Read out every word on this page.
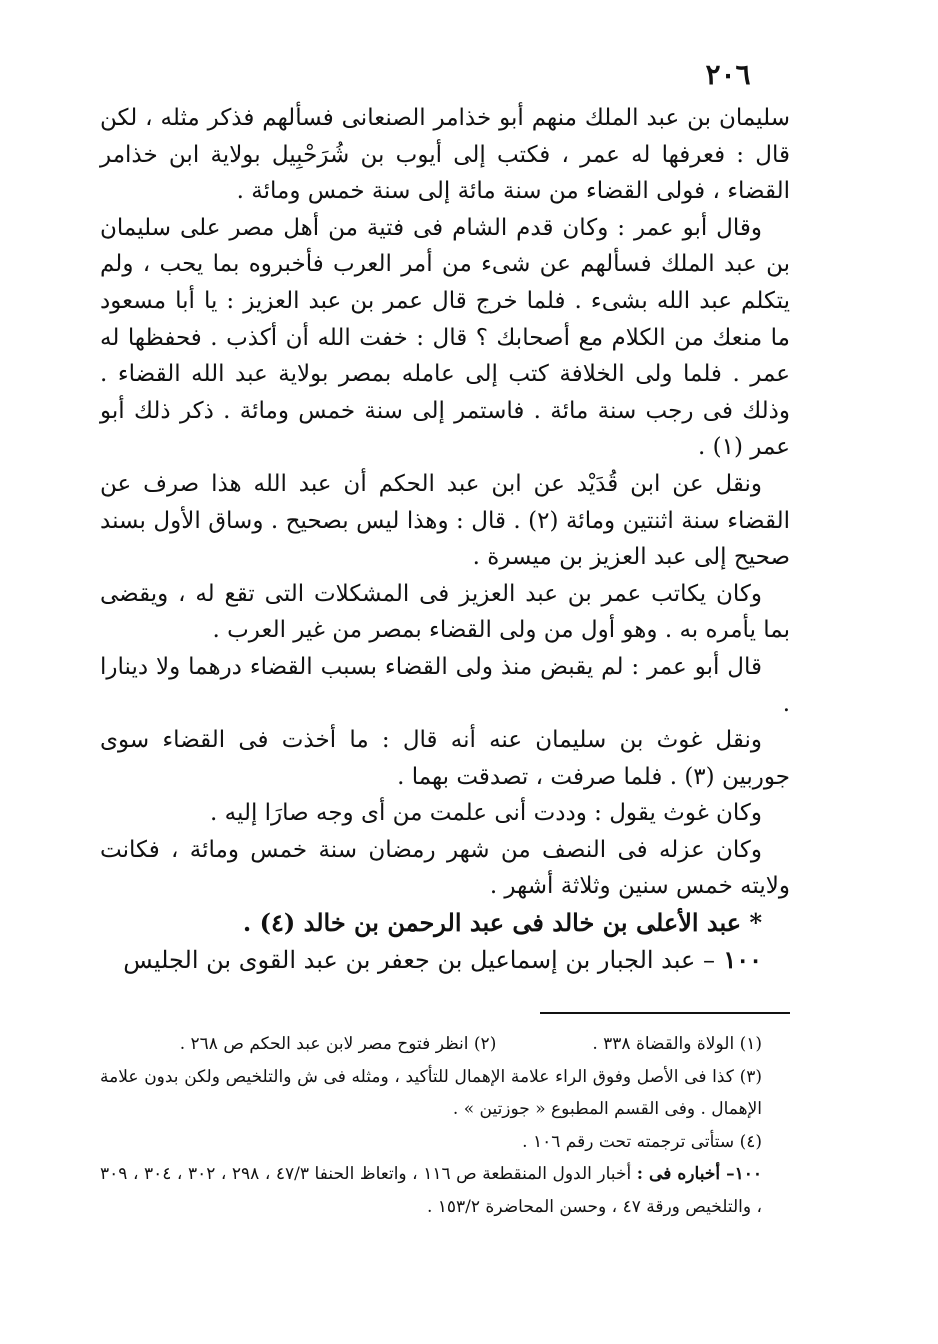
٢٠٦

سليمان بن عبد الملك منهم أبو خذامر الصنعانى فسألهم فذكر مثله ، لكن قال : فعرفها له عمر ، فكتب إلى أيوب بن شُرَحْبِيل بولاية ابن خذامر القضاء ، فولى القضاء من سنة مائة إلى سنة خمس ومائة .

وقال أبو عمر : وكان قدم الشام فى فتية من أهل مصر على سليمان بن عبد الملك فسألهم عن شىء من أمر العرب فأخبروه بما يحب ، ولم يتكلم عبد الله بشىء . فلما خرج قال عمر بن عبد العزيز : يا أبا مسعود ما منعك من الكلام مع أصحابك ؟ قال : خفت الله أن أكذب . فحفظها له عمر . فلما ولى الخلافة كتب إلى عامله بمصر بولاية عبد الله القضاء . وذلك فى رجب سنة مائة . فاستمر إلى سنة خمس ومائة . ذكر ذلك أبو عمر (١) .

ونقل عن ابن قُدَيْد عن ابن عبد الحكم أن عبد الله هذا صرف عن القضاء سنة اثنتين ومائة (٢) . قال : وهذا ليس بصحيح . وساق الأول بسند صحيح إلى عبد العزيز بن ميسرة .

وكان يكاتب عمر بن عبد العزيز فى المشكلات التى تقع له ، ويقضى بما يأمره به . وهو أول من ولى القضاء بمصر من غير العرب .

قال أبو عمر : لم يقبض منذ ولى القضاء بسبب القضاء درهما ولا دينارا .

ونقل غوث بن سليمان عنه أنه قال : ما أخذت فى القضاء سوى جوربين (٣) . فلما صرفت ، تصدقت بهما .

وكان غوث يقول : وددت أنى علمت من أى وجه صارَا إليه .

وكان عزله فى النصف من شهر رمضان سنة خمس ومائة ، فكانت ولايته خمس سنين وثلاثة أشهر .

* عبد الأعلى بن خالد فى عبد الرحمن بن خالد (٤) .

١٠٠ – عبد الجبار بن إسماعيل بن جعفر بن عبد القوى بن الجليس

(١) الولاة والقضاة ٣٣٨ .
(٢) انظر فتوح مصر لابن عبد الحكم ص ٢٦٨ .

(٣) كذا فى الأصل وفوق الراء علامة الإهمال للتأكيد ، ومثله فى ش والتلخيص ولكن بدون علامة الإهمال . وفى القسم المطبوع « جوزتين » .

(٤) ستأتى ترجمته تحت رقم ١٠٦ .

١٠٠– أخباره فى : أخبار الدول المنقطعة ص ١١٦ ، واتعاظ الحنفا ٤٧/٣ ، ٢٩٨ ، ٣٠٢ ، ٣٠٤ ، ٣٠٩ ، والتلخيص ورقة ٤٧ ، وحسن المحاضرة ١٥٣/٢ .
